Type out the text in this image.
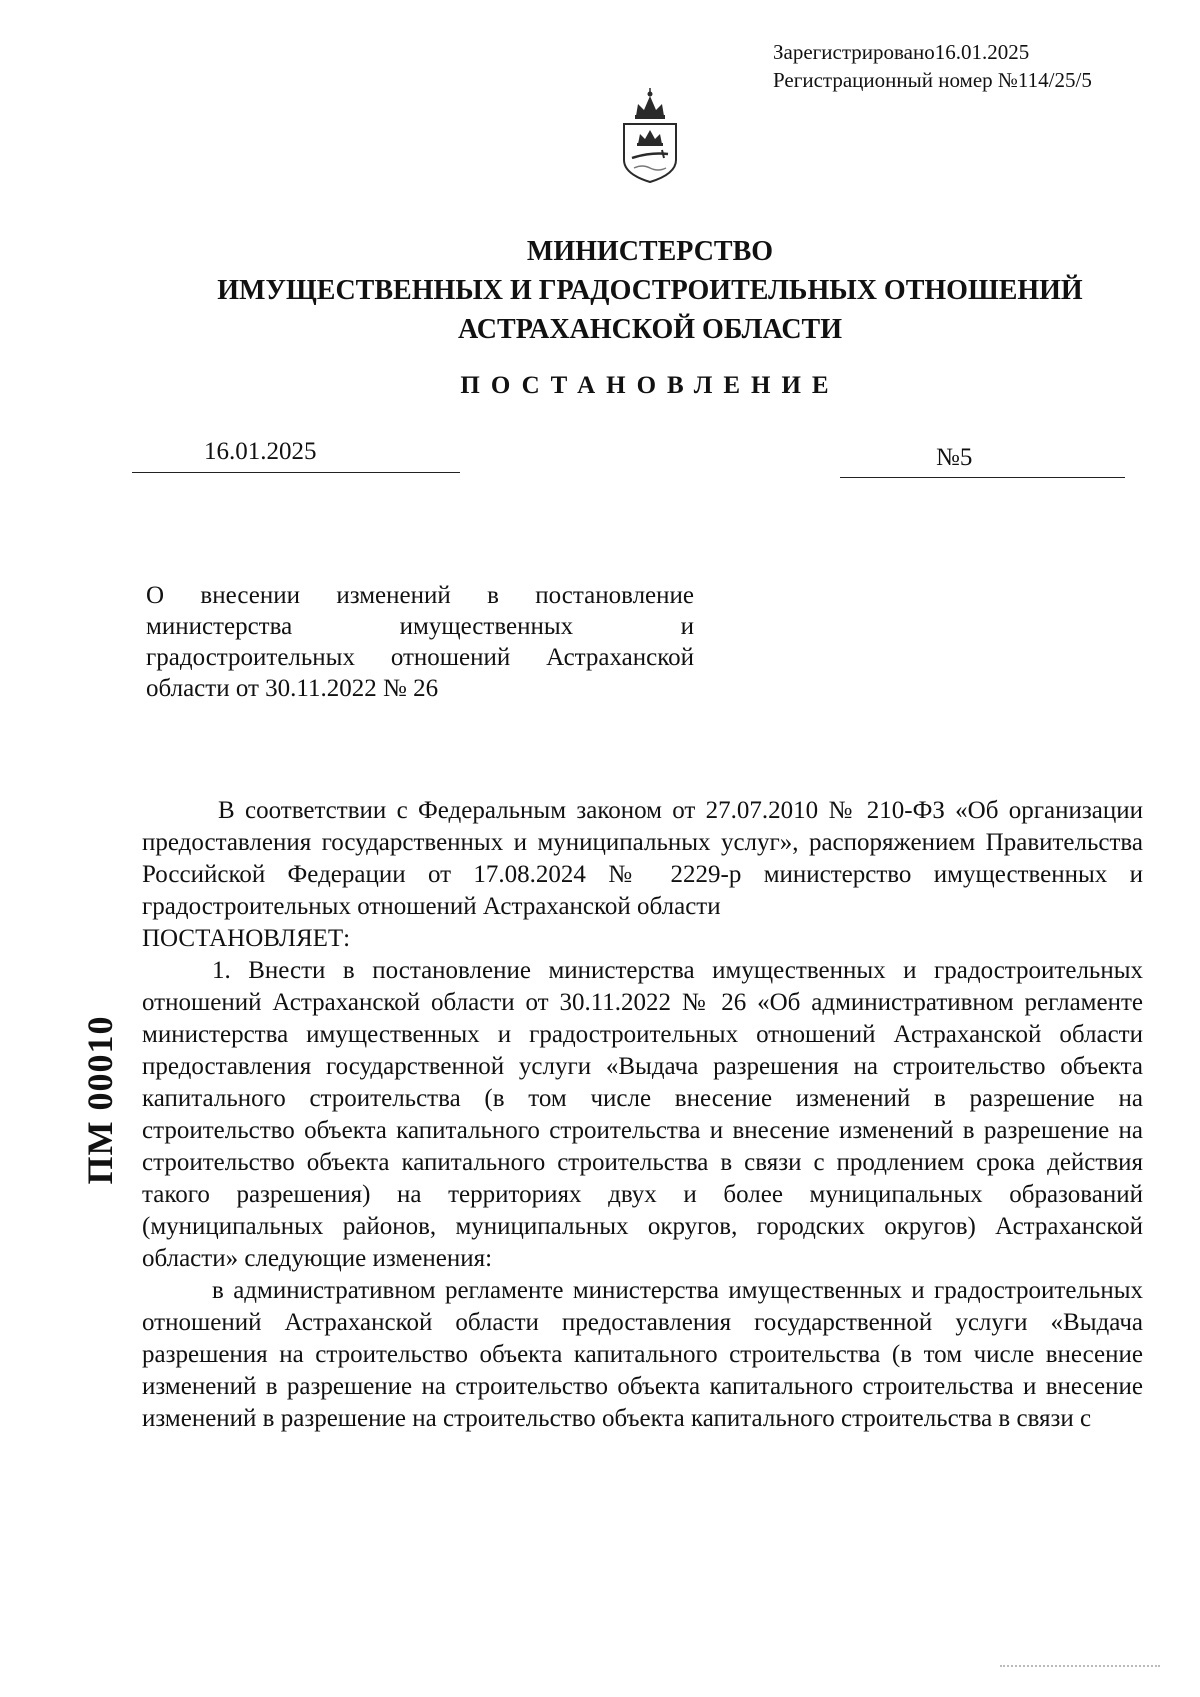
Зарегистрировано16.01.2025
Регистрационный номер №114/25/5
МИНИСТЕРСТВО
ИМУЩЕСТВЕННЫХ И ГРАДОСТРОИТЕЛЬНЫХ ОТНОШЕНИЙ
АСТРАХАНСКОЙ ОБЛАСТИ
ПОСТАНОВЛЕНИЕ
16.01.2025	№5
О внесении изменений в постановление министерства имущественных и градостроительных отношений Астраханской области от 30.11.2022 № 26

В соответствии с Федеральным законом от 27.07.2010 № 210-ФЗ «Об организации предоставления государственных и муниципальных услуг», распоряжением Правительства Российской Федерации от 17.08.2024 № 2229-р министерство имущественных и градостроительных отношений Астраханской области

ПОСТАНОВЛЯЕТ:

1. Внести в постановление министерства имущественных и градостроительных отношений Астраханской области от 30.11.2022 № 26 «Об административном регламенте министерства имущественных и градостроительных отношений Астраханской области предоставления государственной услуги «Выдача разрешения на строительство объекта капитального строительства (в том числе внесение изменений в разрешение на строительство объекта капитального строительства и внесение изменений в разрешение на строительство объекта капитального строительства в связи с продлением срока действия такого разрешения) на территориях двух и более муниципальных образований (муниципальных районов, муниципальных округов, городских округов) Астраханской области» следующие изменения:

в административном регламенте министерства имущественных и градостроительных отношений Астраханской области предоставления государственной услуги «Выдача разрешения на строительство объекта капитального строительства (в том числе внесение изменений в разрешение на строительство объекта капитального строительства и внесение изменений в разрешение на строительство объекта капитального строительства в связи с

ПМ 00010
